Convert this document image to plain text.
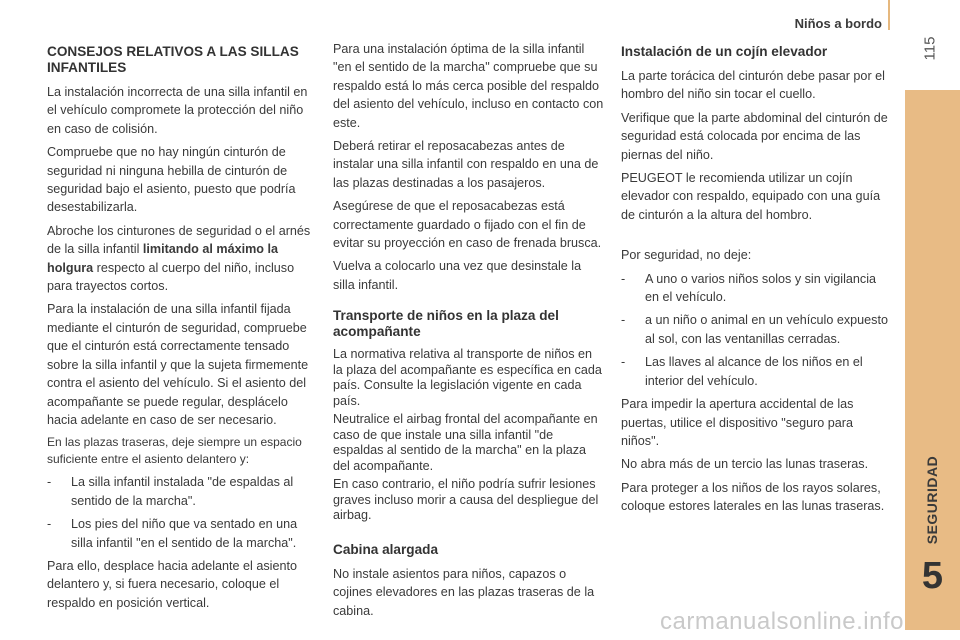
Niños a bordo
115
SEGURIDAD
5
carmanualsonline.info
CONSEJOS RELATIVOS A LAS SILLAS INFANTILES

La instalación incorrecta de una silla infantil en el vehículo compromete la protección del niño en caso de colisión.

Compruebe que no hay ningún cinturón de seguridad ni ninguna hebilla de cinturón de seguridad bajo el asiento, puesto que podría desestabilizarla.

Abroche los cinturones de seguridad o el arnés de la silla infantil limitando al máximo la holgura respecto al cuerpo del niño, incluso para trayectos cortos.

Para la instalación de una silla infantil fijada mediante el cinturón de seguridad, compruebe que el cinturón está correctamente tensado sobre la silla infantil y que la sujeta firmemente contra el asiento del vehículo. Si el asiento del acompañante se puede regular, desplácelo hacia adelante en caso de ser necesario.

En las plazas traseras, deje siempre un espacio suficiente entre el asiento delantero y:

- La silla infantil instalada "de espaldas al sentido de la marcha".
- Los pies del niño que va sentado en una silla infantil "en el sentido de la marcha".

Para ello, desplace hacia adelante el asiento delantero y, si fuera necesario, coloque el respaldo en posición vertical.

Para una instalación óptima de la silla infantil "en el sentido de la marcha" compruebe que su respaldo está lo más cerca posible del respaldo del asiento del vehículo, incluso en contacto con este.

Deberá retirar el reposacabezas antes de instalar una silla infantil con respaldo en una de las plazas destinadas a los pasajeros.

Asegúrese de que el reposacabezas está correctamente guardado o fijado con el fin de evitar su proyección en caso de frenada brusca.

Vuelva a colocarlo una vez que desinstale la silla infantil.

Transporte de niños en la plaza del acompañante

La normativa relativa al transporte de niños en la plaza del acompañante es específica en cada país. Consulte la legislación vigente en cada país.

Neutralice el airbag frontal del acompañante en caso de que instale una silla infantil "de espaldas al sentido de la marcha" en la plaza del acompañante.

En caso contrario, el niño podría sufrir lesiones graves incluso morir a causa del despliegue del airbag.

Cabina alargada

No instale asientos para niños, capazos o cojines elevadores en las plazas traseras de la cabina.

Instalación de un cojín elevador

La parte torácica del cinturón debe pasar por el hombro del niño sin tocar el cuello.

Verifique que la parte abdominal del cinturón de seguridad está colocada por encima de las piernas del niño.

PEUGEOT le recomienda utilizar un cojín elevador con respaldo, equipado con una guía de cinturón a la altura del hombro.

Por seguridad, no deje:

- A uno o varios niños solos y sin vigilancia en el vehículo.
- a un niño o animal en un vehículo expuesto al sol, con las ventanillas cerradas.
- Las llaves al alcance de los niños en el interior del vehículo.

Para impedir la apertura accidental de las puertas, utilice el dispositivo "seguro para niños".

No abra más de un tercio las lunas traseras.

Para proteger a los niños de los rayos solares, coloque estores laterales en las lunas traseras.
